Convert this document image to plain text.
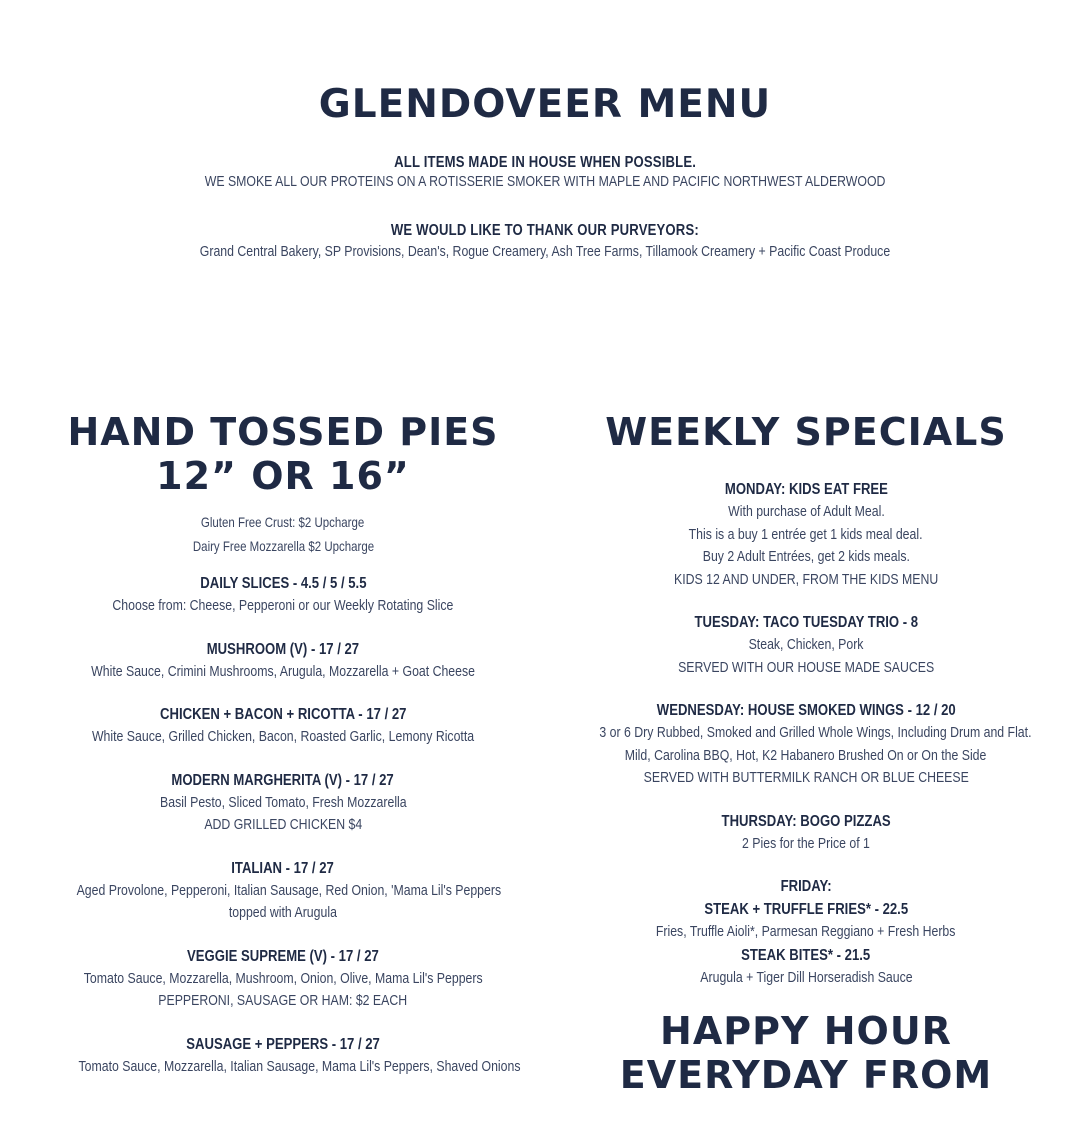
GLENDOVEER MENU
ALL ITEMS MADE IN HOUSE WHEN POSSIBLE.
WE SMOKE ALL OUR PROTEINS ON A ROTISSERIE SMOKER WITH MAPLE AND PACIFIC NORTHWEST ALDERWOOD
WE WOULD LIKE TO THANK OUR PURVEYORS:
Grand Central Bakery, SP Provisions, Dean's, Rogue Creamery, Ash Tree Farms, Tillamook Creamery + Pacific Coast Produce
HAND TOSSED PIES
12” OR 16”
Gluten Free Crust: $2 Upcharge
Dairy Free Mozzarella $2 Upcharge
DAILY SLICES - 4.5 / 5 / 5.5
Choose from: Cheese, Pepperoni or our Weekly Rotating Slice
MUSHROOM (V) - 17 / 27
White Sauce, Crimini Mushrooms, Arugula, Mozzarella + Goat Cheese
CHICKEN + BACON + RICOTTA - 17 / 27
White Sauce, Grilled Chicken, Bacon, Roasted Garlic, Lemony Ricotta
MODERN MARGHERITA (V) - 17 / 27
Basil Pesto, Sliced Tomato, Fresh Mozzarella
ADD GRILLED CHICKEN $4
ITALIAN - 17 / 27
Aged Provolone, Pepperoni, Italian Sausage, Red Onion, 'Mama Lil's Peppers
topped with Arugula
VEGGIE SUPREME (V) - 17 / 27
Tomato Sauce, Mozzarella, Mushroom, Onion, Olive, Mama Lil's Peppers
PEPPERONI, SAUSAGE OR HAM: $2 EACH
SAUSAGE + PEPPERS - 17 / 27
Tomato Sauce, Mozzarella, Italian Sausage, Mama Lil's Peppers, Shaved Onions
WEEKLY SPECIALS
MONDAY: KIDS EAT FREE
With purchase of Adult Meal.
This is a buy 1 entrée get 1 kids meal deal.
Buy 2 Adult Entrées, get 2 kids meals.
KIDS 12 AND UNDER, FROM THE KIDS MENU
TUESDAY: TACO TUESDAY TRIO - 8
Steak, Chicken, Pork
SERVED WITH OUR HOUSE MADE SAUCES
WEDNESDAY: HOUSE SMOKED WINGS - 12 / 20
3 or 6 Dry Rubbed, Smoked and Grilled Whole Wings, Including Drum and Flat.
Mild, Carolina BBQ, Hot, K2 Habanero Brushed On or On the Side
SERVED WITH BUTTERMILK RANCH OR BLUE CHEESE
THURSDAY: BOGO PIZZAS
2 Pies for the Price of 1
FRIDAY:
STEAK + TRUFFLE FRIES* - 22.5
Fries, Truffle Aioli*, Parmesan Reggiano + Fresh Herbs
STEAK BITES* - 21.5
Arugula + Tiger Dill Horseradish Sauce
HAPPY HOUR
EVERYDAY FROM
